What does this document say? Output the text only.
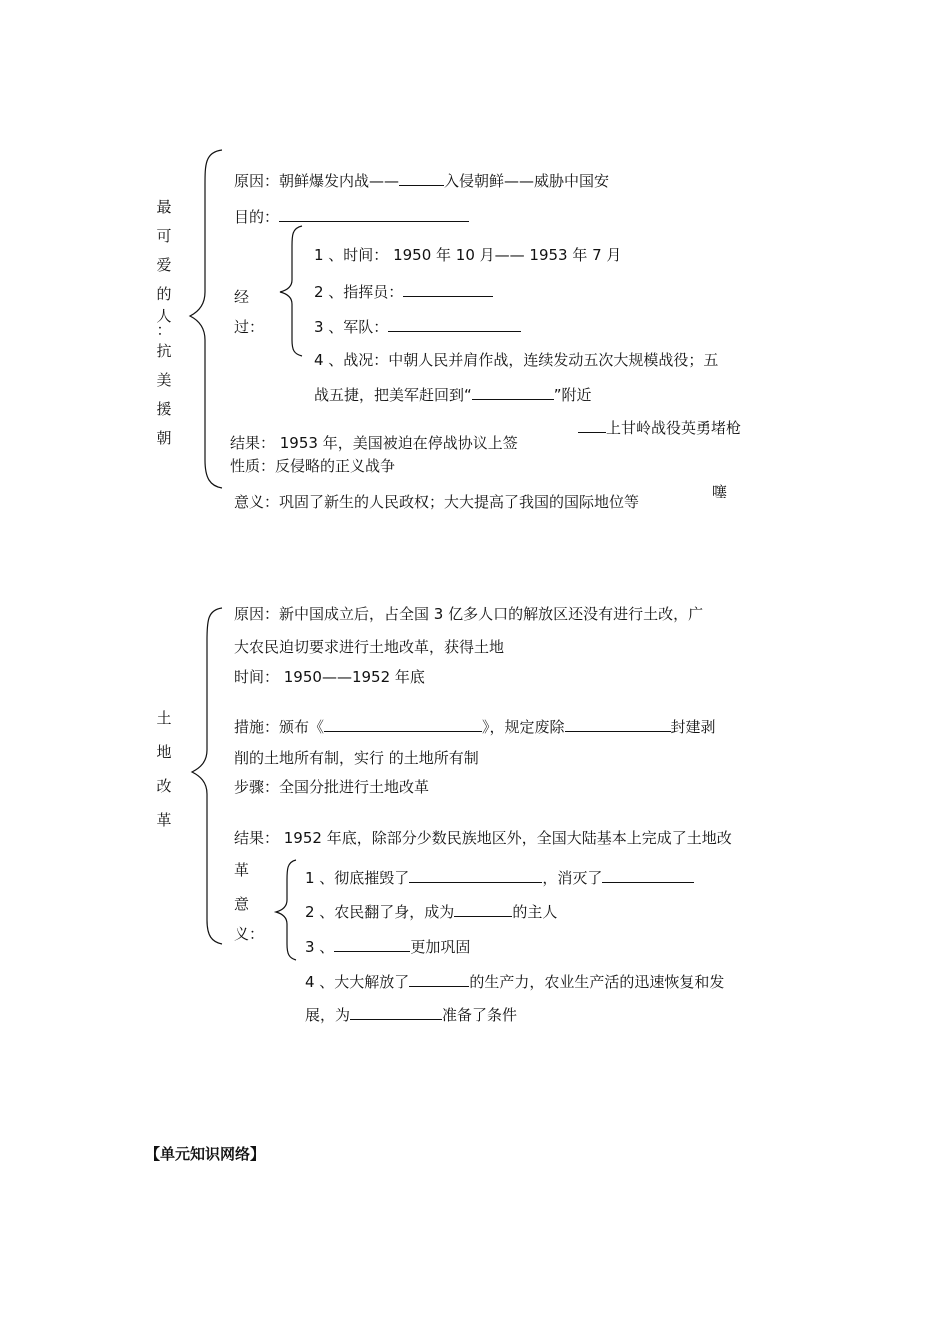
最
可
爱
的
人
：
抗
美
援
朝
原因：朝鲜爆发内战——	入侵朝鲜——威胁中国安
目的：
经
过：
1 、时间： 1950 年 10 月—— 1953 年 7 月
2 、指挥员：
3 、军队：
4 、战况：中朝人民并肩作战，连续发动五次大规模战役；五
战五捷，把美军赶回到“	”附近
结果： 1953 年，美国被迫在停战协议上签
上甘岭战役英勇堵枪
性质：反侵略的正义战争
意义：巩固了新生的人民政权；大大提高了我国的国际地位等
噻
土
地
改
革
原因：新中国成立后，占全国 3 亿多人口的解放区还没有进行土改，广
大农民迫切要求进行土地改革，获得土地
时间： 1950——1952 年底
措施：颁布《	》，规定废除	封建剥
削的土地所有制，实行 的土地所有制
步骤：全国分批进行土地改革
结果： 1952 年底，除部分少数民族地区外，全国大陆基本上完成了土地改
革
意
义：
1 、彻底摧毁了	，消灭了
2 、农民翻了身，成为	的主人
3 、	更加巩固
4 、大大解放了	的生产力，农业生产活的迅速恢复和发
展，为	准备了条件
【单元知识网络】
